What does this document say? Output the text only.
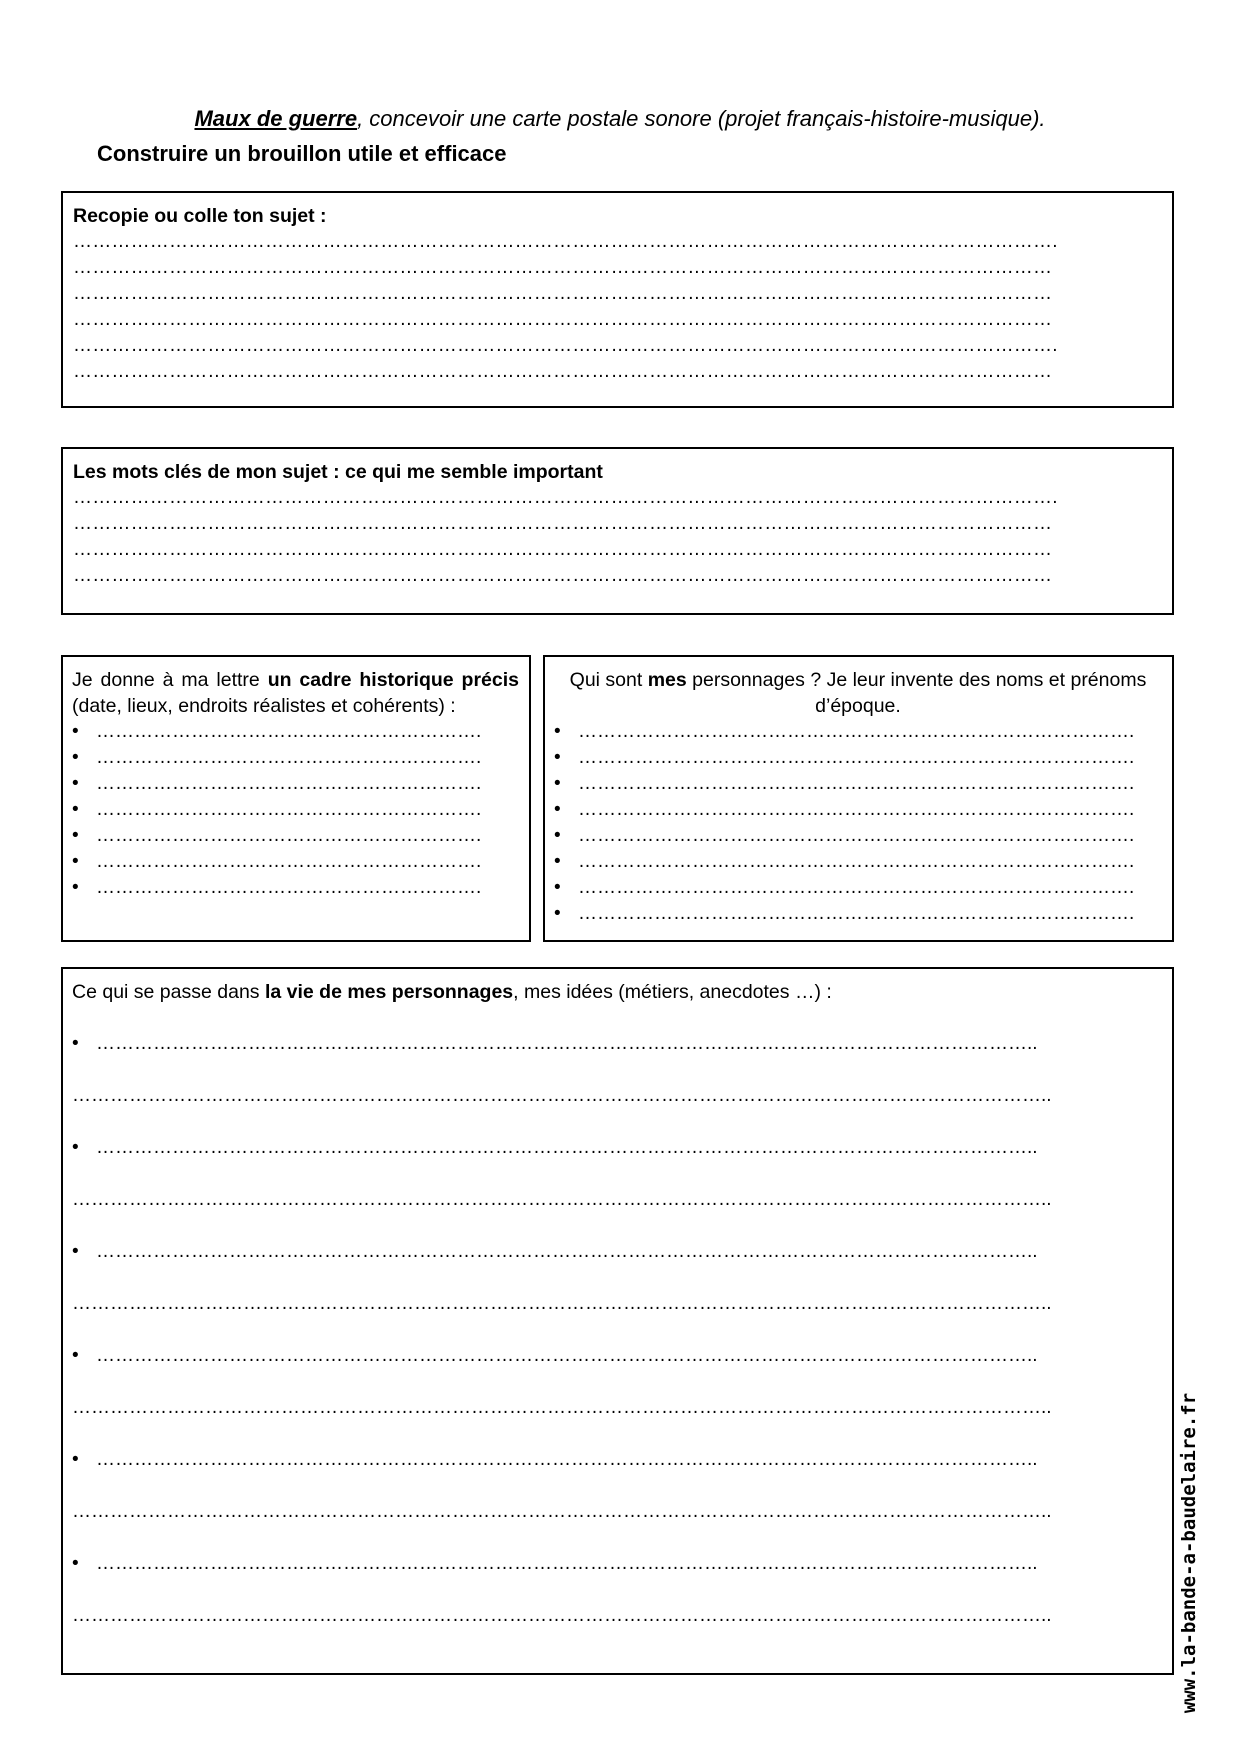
Maux de guerre, concevoir une carte postale sonore (projet français-histoire-musique).
Construire un brouillon utile et efficace
Recopie ou colle ton sujet :
……………………………………………………………………………………………………………………………………….
………………………………………………………………………………………………………………………………………
………………………………………………………………………………………………………………………………………
………………………………………………………………………………………………………………………………………
……………………………………………………………………………………………………………………………………….
………………………………………………………………………………………………………………………………………
Les mots clés de mon sujet : ce qui me semble important
……………………………………………………………………………………………………………………………………….
………………………………………………………………………………………………………………………………………
………………………………………………………………………………………………………………………………………
………………………………………………………………………………………………………………………………………
Je donne à ma lettre un cadre historique précis (date, lieux, endroits réalistes et cohérents) :
• …………………………………………………….
• …………………………………………………….
• …………………………………………………….
• …………………………………………………….
• …………………………………………………….
• …………………………………………………….
• …………………………………………………….
Qui sont mes personnages ? Je leur invente des noms et prénoms d’époque.
• …………………………………………………………………………….
• …………………………………………………………………………….
• …………………………………………………………………………….
• …………………………………………………………………………….
• …………………………………………………………………………….
• …………………………………………………………………………….
• …………………………………………………………………………….
• …………………………………………………………………………….
Ce qui se passe dans la vie de mes personnages, mes idées (métiers, anecdotes …) :
• …………………………………………………………………………………………………………………………………..
………………………………………………………………………………………………………………………………………..
• …………………………………………………………………………………………………………………………………..
………………………………………………………………………………………………………………………………………..
• …………………………………………………………………………………………………………………………………..
………………………………………………………………………………………………………………………………………..
• …………………………………………………………………………………………………………………………………..
………………………………………………………………………………………………………………………………………..
• …………………………………………………………………………………………………………………………………..
………………………………………………………………………………………………………………………………………..
• …………………………………………………………………………………………………………………………………..
………………………………………………………………………………………………………………………………………..	www.la-bande-a-baudelaire.fr
